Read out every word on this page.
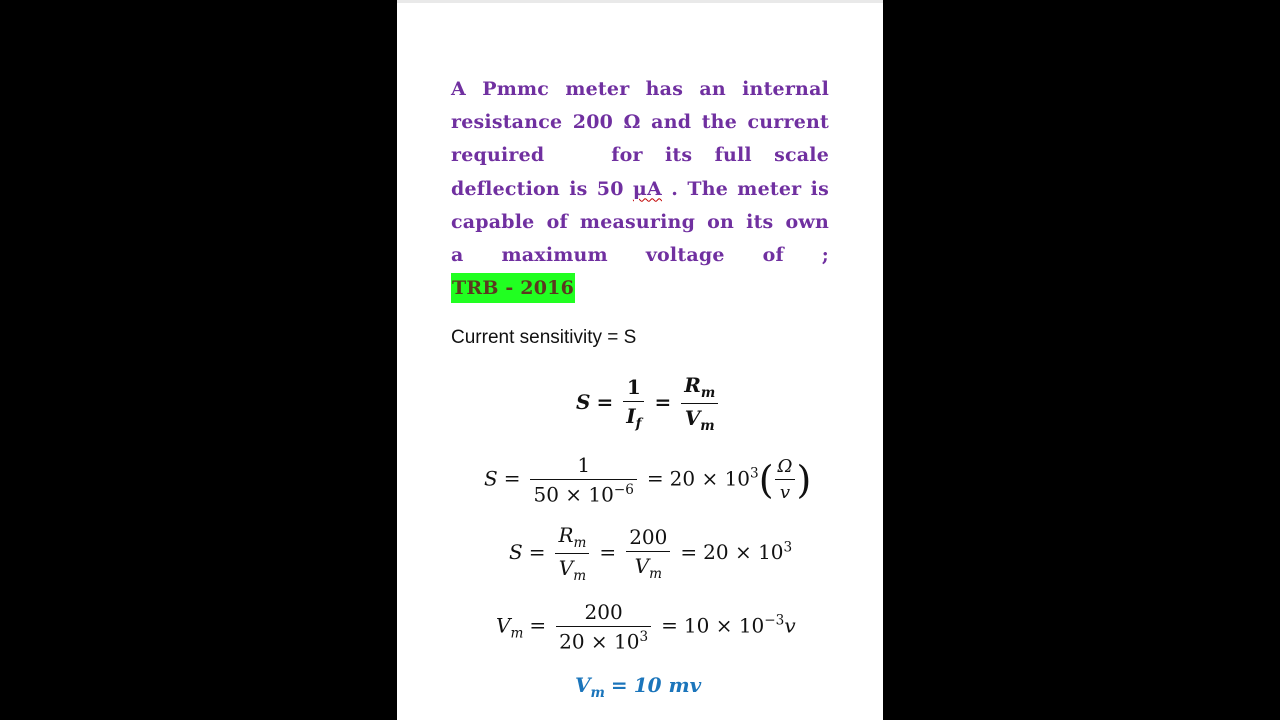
A Pmmc meter has an internal
resistance 200 Ω and the current
required   for its full scale
deflection is 50 μA . The meter is
capable of measuring on its own
a maximum voltage of ;
TRB - 2016
Current sensitivity = S
$S = \frac{1}{I_f} = \frac{R_m}{V_m}$
$S = \frac{1}{50 \times 10^{-6}} = 20 \times 10^3( \frac{\Omega}{v}$ )
$S = \frac{R_m}{V_m} = \frac{200}{V_m} = 20 \times 10^3$
$V_m = \frac{200}{20 \times 10^3} = 10 \times 10^{-3}v$
$V_m = 10$ mv
